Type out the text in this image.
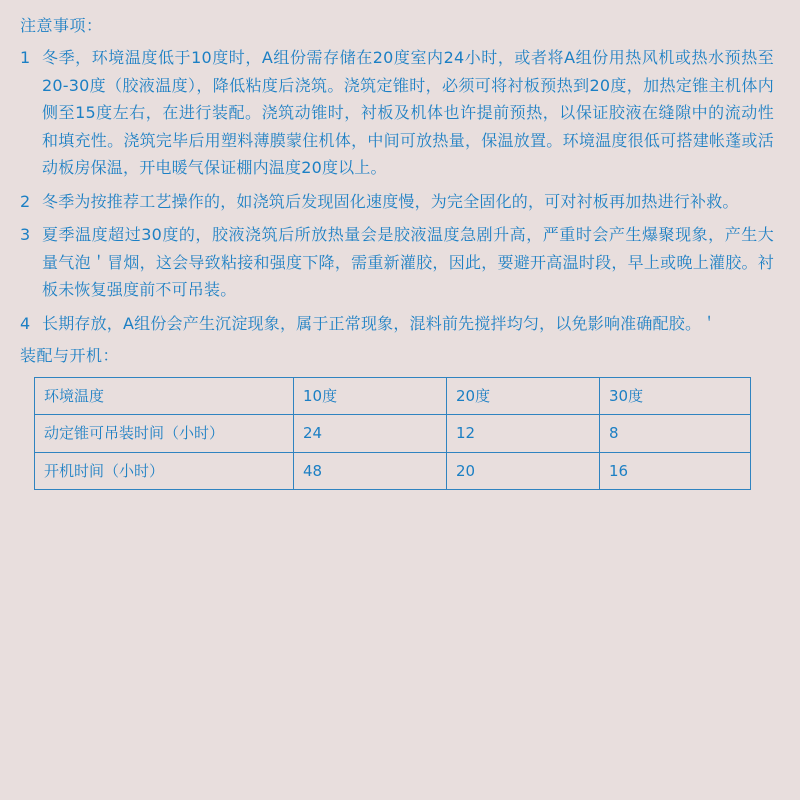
注意事项：
1 冬季，环境温度低于10度时，A组份需存储在20度室内24小时，或者将A组份用热风机或热水预热至20-30度（胶液温度），降低粘度后浇筑。浇筑定锥时，必须可将衬板预热到20度，加热定锥主机体内侧至15度左右，在进行装配。浇筑动锥时，衬板及机体也许提前预热，以保证胶液在缝隙中的流动性和填充性。浇筑完毕后用塑料薄膜蒙住机体，中间可放热量，保温放置。环境温度很低可搭建帐蓬或活动板房保温，开电暖气保证棚内温度20度以上。
2 冬季为按推荐工艺操作的，如浇筑后发现固化速度慢，为完全固化的，可对衬板再加热进行补救。
3 夏季温度超过30度的，胶液浇筑后所放热量会是胶液温度急剧升高，严重时会产生爆聚现象，产生大量气泡＇冒烟，这会导致粘接和强度下降，需重新灌胶，因此，要避开高温时段，早上或晚上灌胶。衬板未恢复强度前不可吊装。
4 长期存放，A组份会产生沉淀现象，属于正常现象，混料前先搅拌均匀，以免影响准确配胶。＇
装配与开机：
环境温度	10度	20度	30度
动定锥可吊装时间（小时）	24	12	8
开机时间（小时）	48	20	16
